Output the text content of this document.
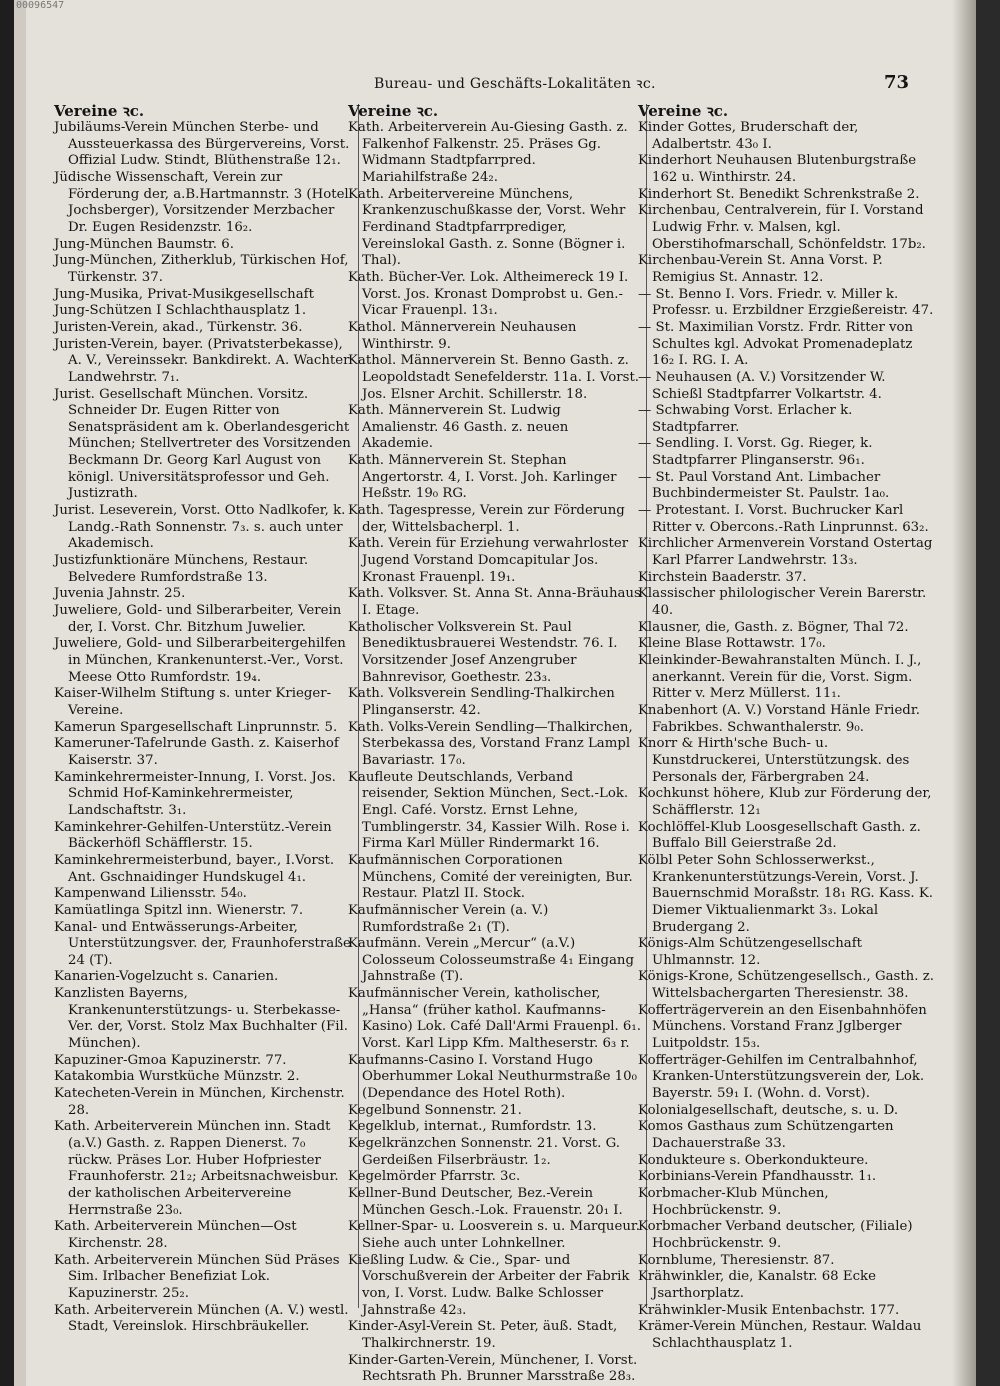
00096547
Bureau- und Geschäfts-Lokalitäten ꝛc.	73
Vereine ꝛc.
Jubiläums-Verein München Sterbe- und Aussteuerkassa des Bürgervereins, Vorst. Offizial Ludw. Stindt, Blüthenstraße 12₁.
Jüdische Wissenschaft, Verein zur Förderung der, a.B.Hartmannstr. 3 (Hotel Jochsberger), Vorsitzender Merzbacher Dr. Eugen Residenzstr. 16₂.
Jung-München Baumstr. 6.
Jung-München, Zitherklub, Türkischen Hof, Türkenstr. 37.
Jung-Musika, Privat-Musikgesellschaft
Jung-Schützen I Schlachthausplatz 1.
Juristen-Verein, akad., Türkenstr. 36.
Juristen-Verein, bayer. (Privatsterbekasse), A. V., Vereinssekr. Bankdirekt. A. Wachter Landwehrstr. 7₁.
Jurist. Gesellschaft München. Vorsitz. Schneider Dr. Eugen Ritter von Senatspräsident am k. Oberlandesgericht München; Stellvertreter des Vorsitzenden Beckmann Dr. Georg Karl August von königl. Universitätsprofessor und Geh. Justizrath.
Jurist. Leseverein, Vorst. Otto Nadlkofer, k. Landg.-Rath Sonnenstr. 7₃. s. auch unter Akademisch.
Justizfunktionäre Münchens, Restaur. Belvedere Rumfordstraße 13.
Juvenia Jahnstr. 25.
Juweliere, Gold- und Silberarbeiter, Verein der, I. Vorst. Chr. Bitzhum Juwelier.
Juweliere, Gold- und Silberarbeitergehilfen in München, Krankenunterst.-Ver., Vorst. Meese Otto Rumfordstr. 19₄.
Kaiser-Wilhelm Stiftung s. unter Krieger-Vereine.
Kamerun Spargesellschaft Linprunnstr. 5.
Kameruner-Tafelrunde Gasth. z. Kaiserhof Kaiserstr. 37.
Kaminkehrermeister-Innung, I. Vorst. Jos. Schmid Hof-Kaminkehrermeister, Landschaftstr. 3₁.
Kaminkehrer-Gehilfen-Unterstütz.-Verein Bäckerhöfl Schäfflerstr. 15.
Kaminkehrermeisterbund, bayer., I.Vorst. Ant. Gschnaidinger Hundskugel 4₁.
Kampenwand Liliensstr. 54₀.
Kamüatlinga Spitzl inn. Wienerstr. 7.
Kanal- und Entwässerungs-Arbeiter, Unterstützungsver. der, Fraunhoferstraße 24 (T).
Kanarien-Vogelzucht s. Canarien.
Kanzlisten Bayerns, Krankenunterstützungs- u. Sterbekasse-Ver. der, Vorst. Stolz Max Buchhalter (Fil. München).
Kapuziner-Gmoa Kapuzinerstr. 77.
Katakombia Wurstküche Münzstr. 2.
Katecheten-Verein in München, Kirchenstr. 28.
Kath. Arbeiterverein München inn. Stadt (a.V.) Gasth. z. Rappen Dienerst. 7₀ rückw. Präses Lor. Huber Hofpriester Fraunhoferstr. 21₂; Arbeitsnachweisbur. der katholischen Arbeitervereine Herrnstraße 23₀.
Kath. Arbeiterverein München—Ost Kirchenstr. 28.
Kath. Arbeiterverein München Süd Präses Sim. Irlbacher Benefiziat Lok. Kapuzinerstr. 25₂.
Kath. Arbeiterverein München (A. V.) westl. Stadt, Vereinslok. Hirschbräukeller.
Vereine ꝛc.
Kath. Arbeiterverein Au-Giesing Gasth. z. Falkenhof Falkenstr. 25. Präses Gg. Widmann Stadtpfarrpred. Mariahilfstraße 24₂.
Kath. Arbeitervereine Münchens, Krankenzuschußkasse der, Vorst. Wehr Ferdinand Stadtpfarrprediger, Vereinslokal Gasth. z. Sonne (Bögner i. Thal).
Kath. Bücher-Ver. Lok. Altheimereck 19 I. Vorst. Jos. Kronast Domprobst u. Gen.-Vicar Frauenpl. 13₁.
Kathol. Männerverein Neuhausen Winthirstr. 9.
Kathol. Männerverein St. Benno Gasth. z. Leopoldstadt Senefelderstr. 11a. I. Vorst. Jos. Elsner Archit. Schillerstr. 18.
Kath. Männerverein St. Ludwig Amalienstr. 46 Gasth. z. neuen Akademie.
Kath. Männerverein St. Stephan Angertorstr. 4, I. Vorst. Joh. Karlinger Heßstr. 19₀ RG.
Kath. Tagespresse, Verein zur Förderung der, Wittelsbacherpl. 1.
Kath. Verein für Erziehung verwahrloster Jugend Vorstand Domcapitular Jos. Kronast Frauenpl. 19₁.
Kath. Volksver. St. Anna St. Anna-Bräuhaus I. Etage.
Katholischer Volksverein St. Paul Benediktusbrauerei Westendstr. 76. I. Vorsitzender Josef Anzengruber Bahnrevisor, Goethestr. 23₃.
Kath. Volksverein Sendling-Thalkirchen Plinganserstr. 42.
Kath. Volks-Verein Sendling—Thalkirchen, Sterbekassa des, Vorstand Franz Lampl Bavariastr. 17₀.
Kaufleute Deutschlands, Verband reisender, Sektion München, Sect.-Lok. Engl. Café. Vorstz. Ernst Lehne, Tumblingerstr. 34, Kassier Wilh. Rose i. Firma Karl Müller Rindermarkt 16.
Kaufmännischen Corporationen Münchens, Comité der vereinigten, Bur. Restaur. Platzl II. Stock.
Kaufmännischer Verein (a. V.) Rumfordstraße 2₁ (T).
Kaufmänn. Verein „Mercur“ (a.V.) Colosseum Colosseumstraße 4₁ Eingang Jahnstraße (T).
Kaufmännischer Verein, katholischer, „Hansa“ (früher kathol. Kaufmanns-Kasino) Lok. Café Dall'Armi Frauenpl. 6₁. Vorst. Karl Lipp Kfm. Maltheserstr. 6₃ r.
Kaufmanns-Casino I. Vorstand Hugo Oberhummer Lokal Neuthurmstraße 10₀ (Dependance des Hotel Roth).
Kegelbund Sonnenstr. 21.
Kegelklub, internat., Rumfordstr. 13.
Kegelkränzchen Sonnenstr. 21. Vorst. G. Gerdeißen Filserbräustr. 1₂.
Kegelmörder Pfarrstr. 3c.
Kellner-Bund Deutscher, Bez.-Verein München Gesch.-Lok. Frauenstr. 20₁ I.
Kellner-Spar- u. Loosverein s. u. Marqueur. Siehe auch unter Lohnkellner.
Kießling Ludw. & Cie., Spar- und Vorschußverein der Arbeiter der Fabrik von, I. Vorst. Ludw. Balke Schlosser Jahnstraße 42₃.
Kinder-Asyl-Verein St. Peter, äuß. Stadt, Thalkirchnerstr. 19.
Kinder-Garten-Verein, Münchener, I. Vorst. Rechtsrath Ph. Brunner Marsstraße 28₃.
Vereine ꝛc.
Kinder Gottes, Bruderschaft der, Adalbertstr. 43₀ I.
Kinderhort Neuhausen Blutenburgstraße 162 u. Winthirstr. 24.
Kinderhort St. Benedikt Schrenkstraße 2.
Kirchenbau, Centralverein, für I. Vorstand Ludwig Frhr. v. Malsen, kgl. Oberstihofmarschall, Schönfeldstr. 17b₂.
Kirchenbau-Verein St. Anna Vorst. P. Remigius St. Annastr. 12.
— St. Benno I. Vors. Friedr. v. Miller k. Professr. u. Erzbildner Erzgießereistr. 47.
— St. Maximilian Vorstz. Frdr. Ritter von Schultes kgl. Advokat Promenadeplatz 16₂ I. RG. I. A.
— Neuhausen (A. V.) Vorsitzender W. Schießl Stadtpfarrer Volkartstr. 4.
— Schwabing Vorst. Erlacher k. Stadtpfarrer.
— Sendling. I. Vorst. Gg. Rieger, k. Stadtpfarrer Plinganserstr. 96₁.
— St. Paul Vorstand Ant. Limbacher Buchbindermeister St. Paulstr. 1a₀.
— Protestant. I. Vorst. Buchrucker Karl Ritter v. Obercons.-Rath Linprunnst. 63₂.
Kirchlicher Armenverein Vorstand Ostertag Karl Pfarrer Landwehrstr. 13₃.
Kirchstein Baaderstr. 37.
Klassischer philologischer Verein Barerstr. 40.
Klausner, die, Gasth. z. Bögner, Thal 72.
Kleine Blase Rottawstr. 17₀.
Kleinkinder-Bewahranstalten Münch. I. J., anerkannt. Verein für die, Vorst. Sigm. Ritter v. Merz Müllerst. 11₁.
Knabenhort (A. V.) Vorstand Hänle Friedr. Fabrikbes. Schwanthalerstr. 9₀.
Knorr & Hirth'sche Buch- u. Kunstdruckerei, Unterstützungsk. des Personals der, Färbergraben 24.
Kochkunst höhere, Klub zur Förderung der, Schäfflerstr. 12₁
Kochlöffel-Klub Loosgesellschaft Gasth. z. Buffalo Bill Geierstraße 2d.
Kölbl Peter Sohn Schlosserwerkst., Krankenunterstützungs-Verein, Vorst. J. Bauernschmid Moraßstr. 18₁ RG. Kass. K. Diemer Viktualienmarkt 3₃. Lokal Brudergang 2.
Königs-Alm Schützengesellschaft Uhlmannstr. 12.
Königs-Krone, Schützengesellsch., Gasth. z. Wittelsbachergarten Theresienstr. 38.
Kofferträgerverein an den Eisenbahnhöfen Münchens. Vorstand Franz Jglberger Luitpoldstr. 15₃.
Kofferträger-Gehilfen im Centralbahnhof, Kranken-Unterstützungsverein der, Lok. Bayerstr. 59₁ I. (Wohn. d. Vorst).
Kolonialgesellschaft, deutsche, s. u. D.
Komos Gasthaus zum Schützengarten Dachauerstraße 33.
Kondukteure s. Oberkondukteure.
Korbinians-Verein Pfandhausstr. 1₁.
Korbmacher-Klub München, Hochbrückenstr. 9.
Korbmacher Verband deutscher, (Filiale) Hochbrückenstr. 9.
Kornblume, Theresienstr. 87.
Krähwinkler, die, Kanalstr. 68 Ecke Jsarthorplatz.
Krähwinkler-Musik Entenbachstr. 177.
Krämer-Verein München, Restaur. Waldau Schlachthausplatz 1.
